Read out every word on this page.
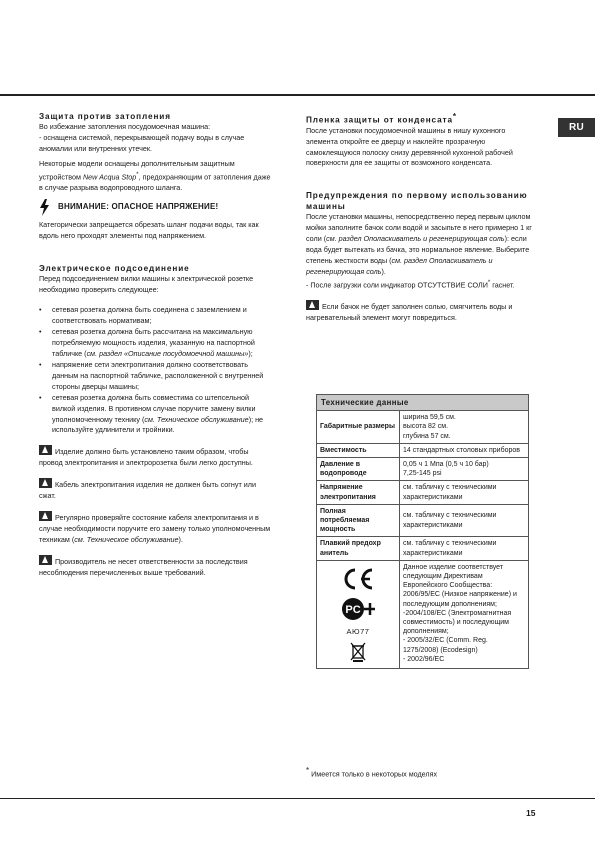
RU
Защита против затопления

Во избежание затопления посудомоечная машина:

- оснащена системой, перекрывающей подачу воды в случае аномалии или внутренних утечек.

Некоторые модели оснащены дополнительным защитным устройством New Acqua Stop*, предохраняющим от затопления даже в случае разрыва водопроводного шланга.

ВНИМАНИЕ: ОПАСНОЕ НАПРЯЖЕНИЕ!

Категорически запрещается обрезать шланг подачи воды, так как вдоль него проходят элементы под напряжением.

Электрическое подсоединение

Перед подсоединением вилки машины к электрической розетке необходимо проверить следующее:

• сетевая розетка должна быть соединена с заземлением и соответствовать нормативам;
• сетевая розетка должна быть рассчитана на максимальную потребляемую мощность изделия, указанную на паспортной табличке (см. раздел «Описание посудомоечной машины»);
• напряжение сети электропитания должно соответствовать данным на паспортной табличке, расположенной с внутренней стороны дверцы машины;
• сетевая розетка должна быть совместима со штепсельной вилкой изделия. В противном случае поручите замену вилки уполномоченному технику (см. Техническое обслуживание); не используйте удлинители и тройники.

Изделие должно быть установлено таким образом, чтобы провод электропитания и электророзетка были легко доступны.

Кабель электропитания изделия не должен быть согнут или сжат.

Регулярно проверяйте состояние кабеля электропитания и в случае необходимости поручите его замену только уполномоченным техникам (см. Техническое обслуживание).

Производитель не несет ответственности за последствия несоблюдения перечисленных выше требований.

Пленка защиты от конденсата*

После установки посудомоечной машины в нишу кухонного элемента откройте ее дверцу и наклейте прозрачную самоклеящуюся полоску снизу деревянной кухонной рабочей поверхности для ее защиты от возможного конденсата.

Предупреждения по первому использованию машины

После установки машины, непосредственно перед первым циклом мойки заполните бачок соли водой и засыпьте в него примерно 1 кг соли (см. раздел Ополаскиватель и регенерирующая соль): если вода будет вытекать из бачка, это нормальное явление. Выберите степень жесткости воды (см. раздел Ополаскиватель и регенерирующая соль).

- После загрузки соли индикатор ОТСУТСТВИЕ СОЛИ* гаснет.

Если бачок не будет заполнен солью, смягчитель воды и нагревательный элемент могут повредиться.

Технические данные	
Габаритные размеры	ширина 59,5 см.
высота 82 см.
глубина 57 см.
Вместимость	14 стандартных столовых приборов
Давление в водопроводе	0,05 ч 1 Мпа (0,5 ч 10 бар)
7,25-145 psi
Напряжение электропитания	см. табличку с техническими характеристиками
Полная потребляемая мощность	см. табличку с техническими характеристиками
Плавкий предохр анитель	см. табличку с техническими характеристиками

PC
АЮ77	Данное изделие соответствует следующим Директивам Европейского Сообщества:
2006/95/EC (Низкое напряжение) и последующим дополнениям;
-2004/108/EC (Электромагнитная совместимость) и последующим дополнениям;
- 2005/32/EC (Comm. Reg. 1275/2008) (Ecodesign)
- 2002/96/EC
* Имеется только в некоторых моделях
15
